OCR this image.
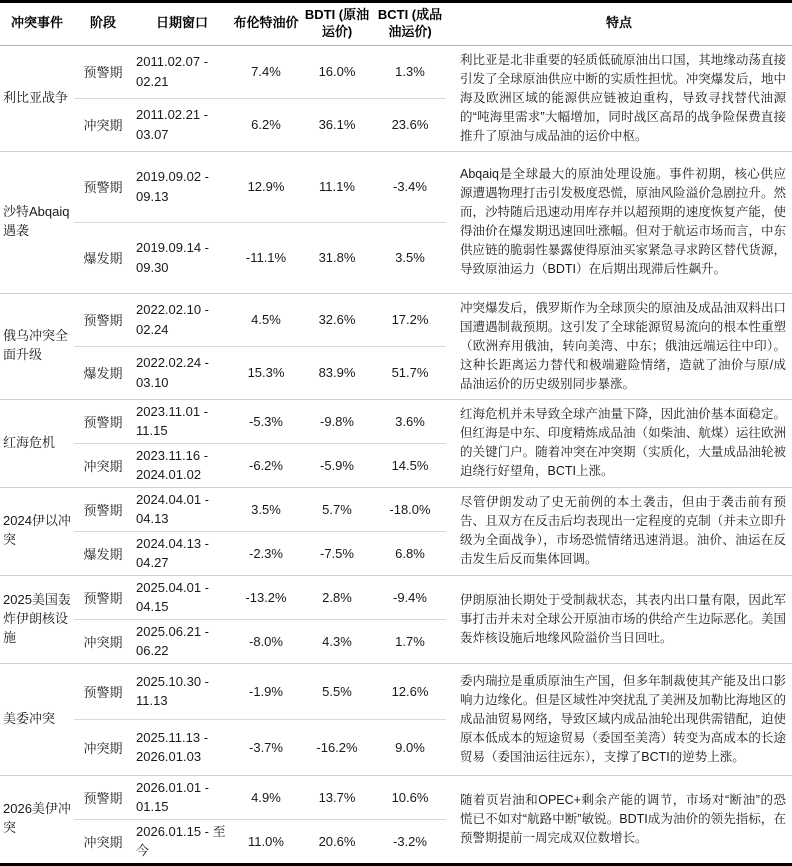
冲突事件	阶段	日期窗口	布伦特油价	BDTI (原油运价)	BCTI (成品油运价)	特点
利比亚战争	预警期	2011.02.07 - 02.21	7.4%	16.0%	1.3%	利比亚是北非重要的轻质低硫原油出口国，其地缘动荡直接引发了全球原油供应中断的实质性担忧。冲突爆发后，地中海及欧洲区域的能源供应链被迫重构，导致寻找替代油源的“吨海里需求”大幅增加，同时战区高昂的战争险保费直接推升了原油与成品油的运价中枢。
	冲突期	2011.02.21 - 03.07	6.2%	36.1%	23.6%	
沙特Abqaiq遇袭	预警期	2019.09.02 - 09.13	12.9%	11.1%	-3.4%	Abqaiq是全球最大的原油处理设施。事件初期，核心供应源遭遇物理打击引发极度恐慌，原油风险溢价急剧拉升。然而，沙特随后迅速动用库存并以超预期的速度恢复产能，使得油价在爆发期迅速回吐涨幅。但对于航运市场而言，中东供应链的脆弱性暴露使得原油买家紧急寻求跨区替代货源，导致原油运力（BDTI）在后期出现滞后性飙升。
	爆发期	2019.09.14 - 09.30	-11.1%	31.8%	3.5%	
俄乌冲突全面升级	预警期	2022.02.10 - 02.24	4.5%	32.6%	17.2%	冲突爆发后，俄罗斯作为全球顶尖的原油及成品油双料出口国遭遇制裁预期。这引发了全球能源贸易流向的根本性重塑（欧洲弃用俄油，转向美湾、中东；俄油远端运往中印）。这种长距离运力替代和极端避险情绪，造就了油价与原/成品油运价的历史级别同步暴涨。
	爆发期	2022.02.24 - 03.10	15.3%	83.9%	51.7%	
红海危机	预警期	2023.11.01 - 11.15	-5.3%	-9.8%	3.6%	红海危机并未导致全球产油量下降，因此油价基本面稳定。但红海是中东、印度精炼成品油（如柴油、航煤）运往欧洲的关键门户。随着冲突在冲突期（实质化，大量成品油轮被迫绕行好望角，BCTI上涨。
	冲突期	2023.11.16 - 2024.01.02	-6.2%	-5.9%	14.5%	
2024伊以冲突	预警期	2024.04.01 - 04.13	3.5%	5.7%	-18.0%	尽管伊朗发动了史无前例的本土袭击，但由于袭击前有预告、且双方在反击后均表现出一定程度的克制（并未立即升级为全面战争），市场恐慌情绪迅速消退。油价、油运在反击发生后反而集体回调。
	爆发期	2024.04.13 - 04.27	-2.3%	-7.5%	6.8%	
2025美国轰炸伊朗核设施	预警期	2025.04.01 - 04.15	-13.2%	2.8%	-9.4%	伊朗原油长期处于受制裁状态，其表内出口量有限，因此军事打击并未对全球公开原油市场的供给产生边际恶化。美国轰炸核设施后地缘风险溢价当日回吐。
	冲突期	2025.06.21 - 06.22	-8.0%	4.3%	1.7%	
美委冲突	预警期	2025.10.30 - 11.13	-1.9%	5.5%	12.6%	委内瑞拉是重质原油生产国，但多年制裁使其产能及出口影响力边缘化。但是区域性冲突扰乱了美洲及加勒比海地区的成品油贸易网络，导致区域内成品油轮出现供需错配，迫使原本低成本的短途贸易（委国至美湾）转变为高成本的长途贸易（委国油运往远东），支撑了BCTI的逆势上涨。
	冲突期	2025.11.13 - 2026.01.03	-3.7%	-16.2%	9.0%	
2026美伊冲突	预警期	2026.01.01 - 01.15	4.9%	13.7%	10.6%	随着页岩油和OPEC+剩余产能的调节，市场对“断油”的恐慌已不如对“航路中断”敏锐。BDTI成为油价的领先指标，在预警期提前一周完成双位数增长。
	冲突期	2026.01.15 - 至今	11.0%	20.6%	-3.2%	
